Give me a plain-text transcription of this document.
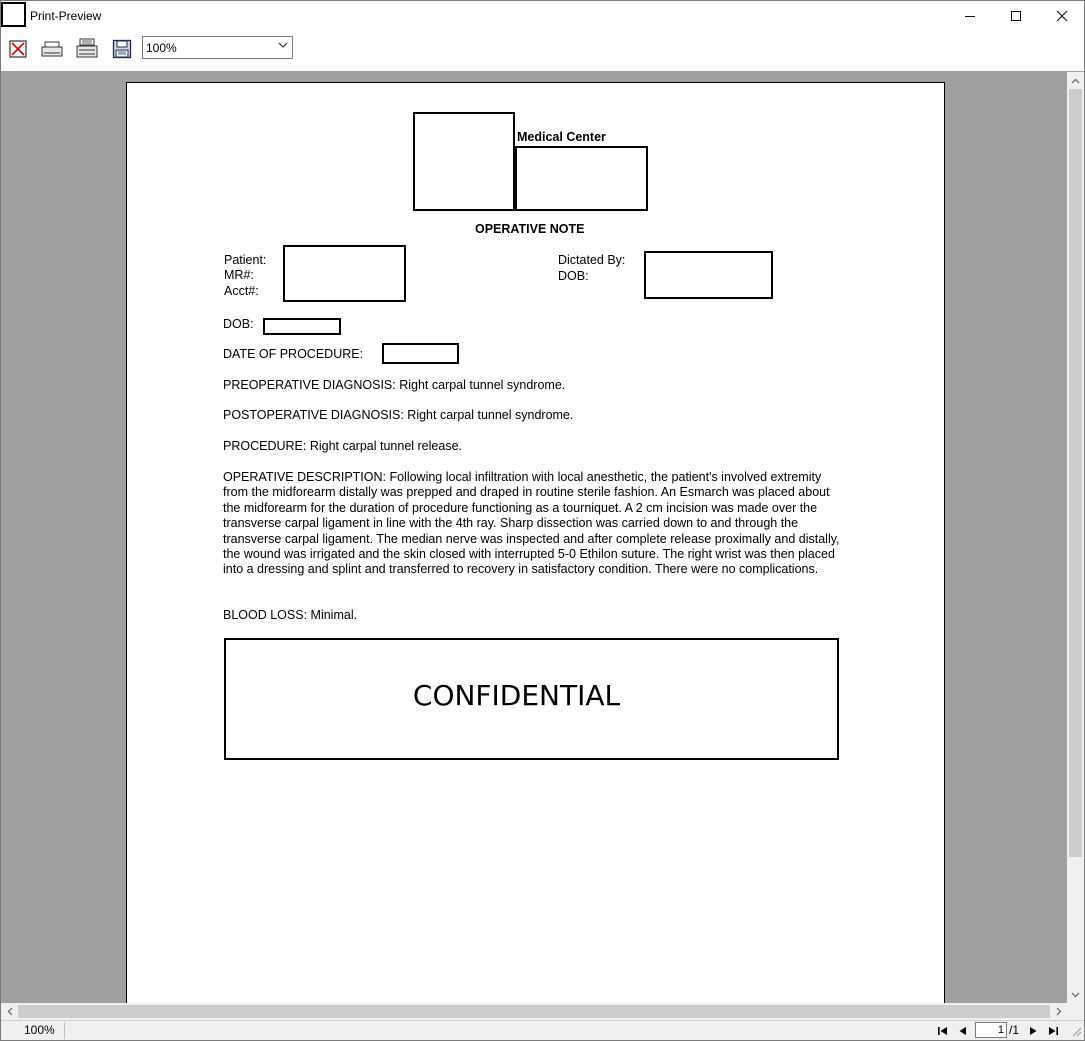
Print-Preview
100%
Medical Center
OPERATIVE NOTE
Patient:
MR#:
Acct#:
Dictated By:
DOB:
DOB:
DATE OF PROCEDURE:
PREOPERATIVE DIAGNOSIS: Right carpal tunnel syndrome.
POSTOPERATIVE DIAGNOSIS: Right carpal tunnel syndrome.
PROCEDURE: Right carpal tunnel release.
OPERATIVE DESCRIPTION: Following local infiltration with local anesthetic, the patient's involved extremity from the midforearm distally was prepped and draped in routine sterile fashion. An Esmarch was placed about the midforearm for the duration of procedure functioning as a tourniquet. A 2 cm incision was made over the transverse carpal ligament in line with the 4th ray. Sharp dissection was carried down to and through the transverse carpal ligament. The median nerve was inspected and after complete release proximally and distally, the wound was irrigated and the skin closed with interrupted 5-0 Ethilon suture. The right wrist was then placed into a dressing and splint and transferred to recovery in satisfactory condition. There were no complications.
BLOOD LOSS: Minimal.
CONFIDENTIAL
100%	1 /1
